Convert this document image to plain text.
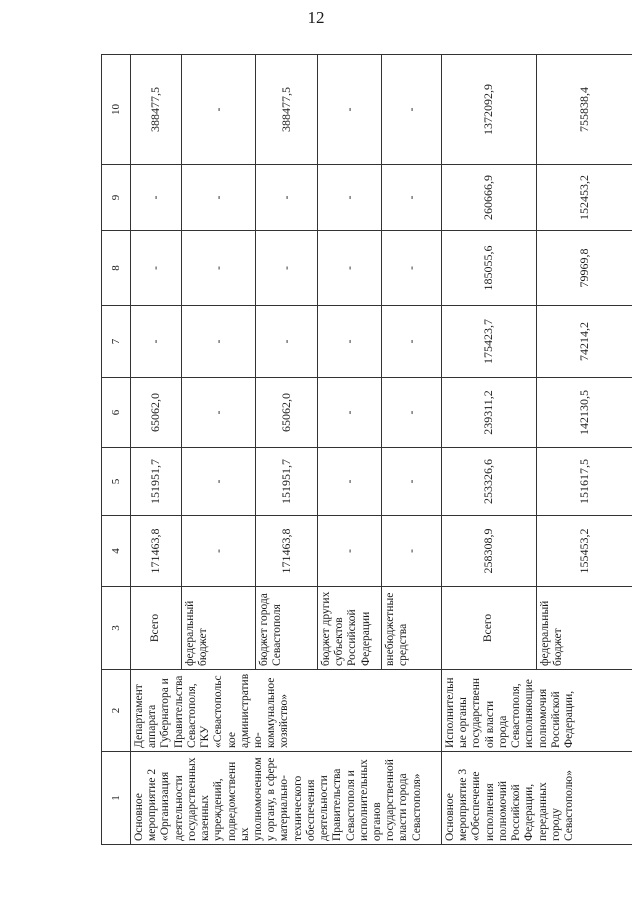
12
1	2	3	4	5	6	7	8	9	10
Основное мероприятие 2 «Организация деятельности государственных казенных учреждений, подведомственных уполномоченному органу, в сфере материально-технического обеспечения деятельности Правительства Севастополя и исполнительных органов государственной власти города Севастополя»	Департамент аппарата Губернатора и Правительства Севастополя, ГКУ «Севастопольское административно-коммунальное хозяйство»	Всего	171463,8	151951,7	65062,0	-	-	-	388477,5
		федеральный бюджет	-	-	-	-	-	-	-
		бюджет города Севастополя	171463,8	151951,7	65062,0	-	-	-	388477,5
		бюджет других субъектов Российской Федерации	-	-	-	-	-	-	-
		внебюджетные средства	-	-	-	-	-	-	-
Основное мероприятие 3 «Обеспечение исполнения полномочий Российской Федерации, переданных городу Севастополю»	Исполнительные органы государственной власти города Севастополя, исполняющие полномочия Российской Федерации,	Всего	258308,9	253326,6	239311,2	175423,7	185055,6	260666,9	1372092,9
		федеральный бюджет	155453,2	151617,5	142130,5	74214,2	79969,8	152453,2	755838,4
